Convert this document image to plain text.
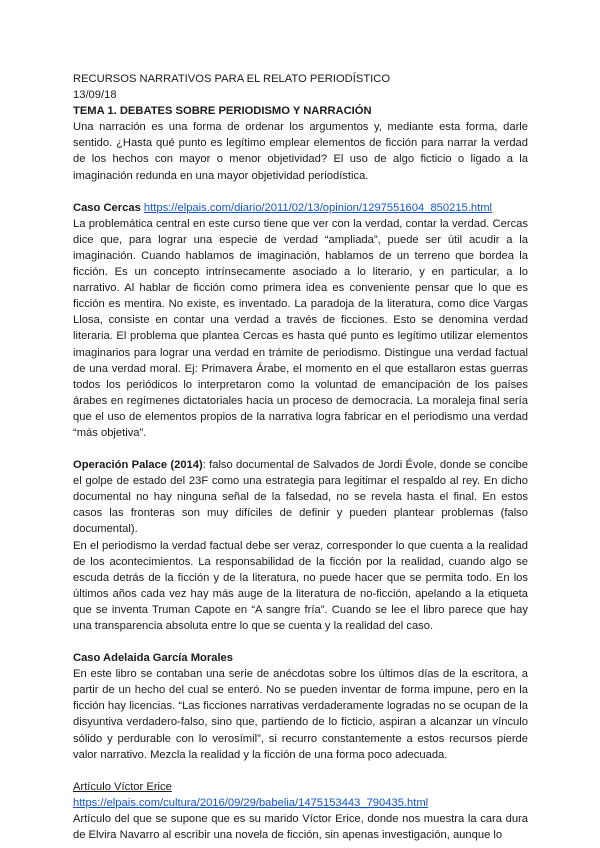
RECURSOS NARRATIVOS PARA EL RELATO PERIODÍSTICO

13/09/18

TEMA 1. DEBATES SOBRE PERIODISMO Y NARRACIÓN

Una narración es una forma de ordenar los argumentos y, mediante esta forma, darle sentido. ¿Hasta qué punto es legítimo emplear elementos de ficción para narrar la verdad de los hechos con mayor o menor objetividad? El uso de algo ficticio o ligado a la imaginación redunda en una mayor objetividad periodística.

Caso Cercas https://elpais.com/diario/2011/02/13/opinion/1297551604_850215.html

La problemática central en este curso tiene que ver con la verdad, contar la verdad. Cercas dice que, para lograr una especie de verdad “ampliada”, puede ser útil acudir a la imaginación. Cuando hablamos de imaginación, hablamos de un terreno que bordea la ficción. Es un concepto intrínsecamente asociado a lo literario, y en particular, a lo narrativo. Al hablar de ficción como primera idea es conveniente pensar que lo que es ficción es mentira. No existe, es inventado. La paradoja de la literatura, como dice Vargas Llosa, consiste en contar una verdad a través de ficciones. Esto se denomina verdad literaria. El problema que plantea Cercas es hasta qué punto es legítimo utilizar elementos imaginarios para lograr una verdad en trámite de periodismo. Distingue una verdad factual de una verdad moral. Ej: Primavera Árabe, el momento en el que estallaron estas guerras todos los periódicos lo interpretaron como la voluntad de emancipación de los países árabes en regímenes dictatoriales hacia un proceso de democracia. La moraleja final sería que el uso de elementos propios de la narrativa logra fabricar en el periodismo una verdad “más objetiva”.

Operación Palace (2014): falso documental de Salvados de Jordi Évole, donde se concibe el golpe de estado del 23F como una estrategia para legitimar el respaldo al rey. En dicho documental no hay ninguna señal de la falsedad, no se revela hasta el final. En estos casos las fronteras son muy difíciles de definir y pueden plantear problemas (falso documental).

En el periodismo la verdad factual debe ser veraz, corresponder lo que cuenta a la realidad de los acontecimientos. La responsabilidad de la ficción por la realidad, cuando algo se escuda detrás de la ficción y de la literatura, no puede hacer que se permita todo. En los últimos años cada vez hay más auge de la literatura de no-ficción, apelando a la etiqueta que se inventa Truman Capote en “A sangre fría”. Cuando se lee el libro parece que hay una transparencia absoluta entre lo que se cuenta y la realidad del caso.

Caso Adelaida García Morales

En este libro se contaban una serie de anécdotas sobre los últimos días de la escritora, a partir de un hecho del cual se enteró. No se pueden inventar de forma impune, pero en la ficción hay licencias. “Las ficciones narrativas verdaderamente logradas no se ocupan de la disyuntiva verdadero-falso, sino que, partiendo de lo ficticio, aspiran a alcanzar un vínculo sólido y perdurable con lo verosímil”, si recurro constantemente a estos recursos pierde valor narrativo. Mezcla la realidad y la ficción de una forma poco adecuada.

Artículo Víctor Erice https://elpais.com/cultura/2016/09/29/babelia/1475153443_790435.html

Artículo del que se supone que es su marido Víctor Erice, donde nos muestra la cara dura de Elvira Navarro al escribir una novela de ficción, sin apenas investigación, aunque lo
